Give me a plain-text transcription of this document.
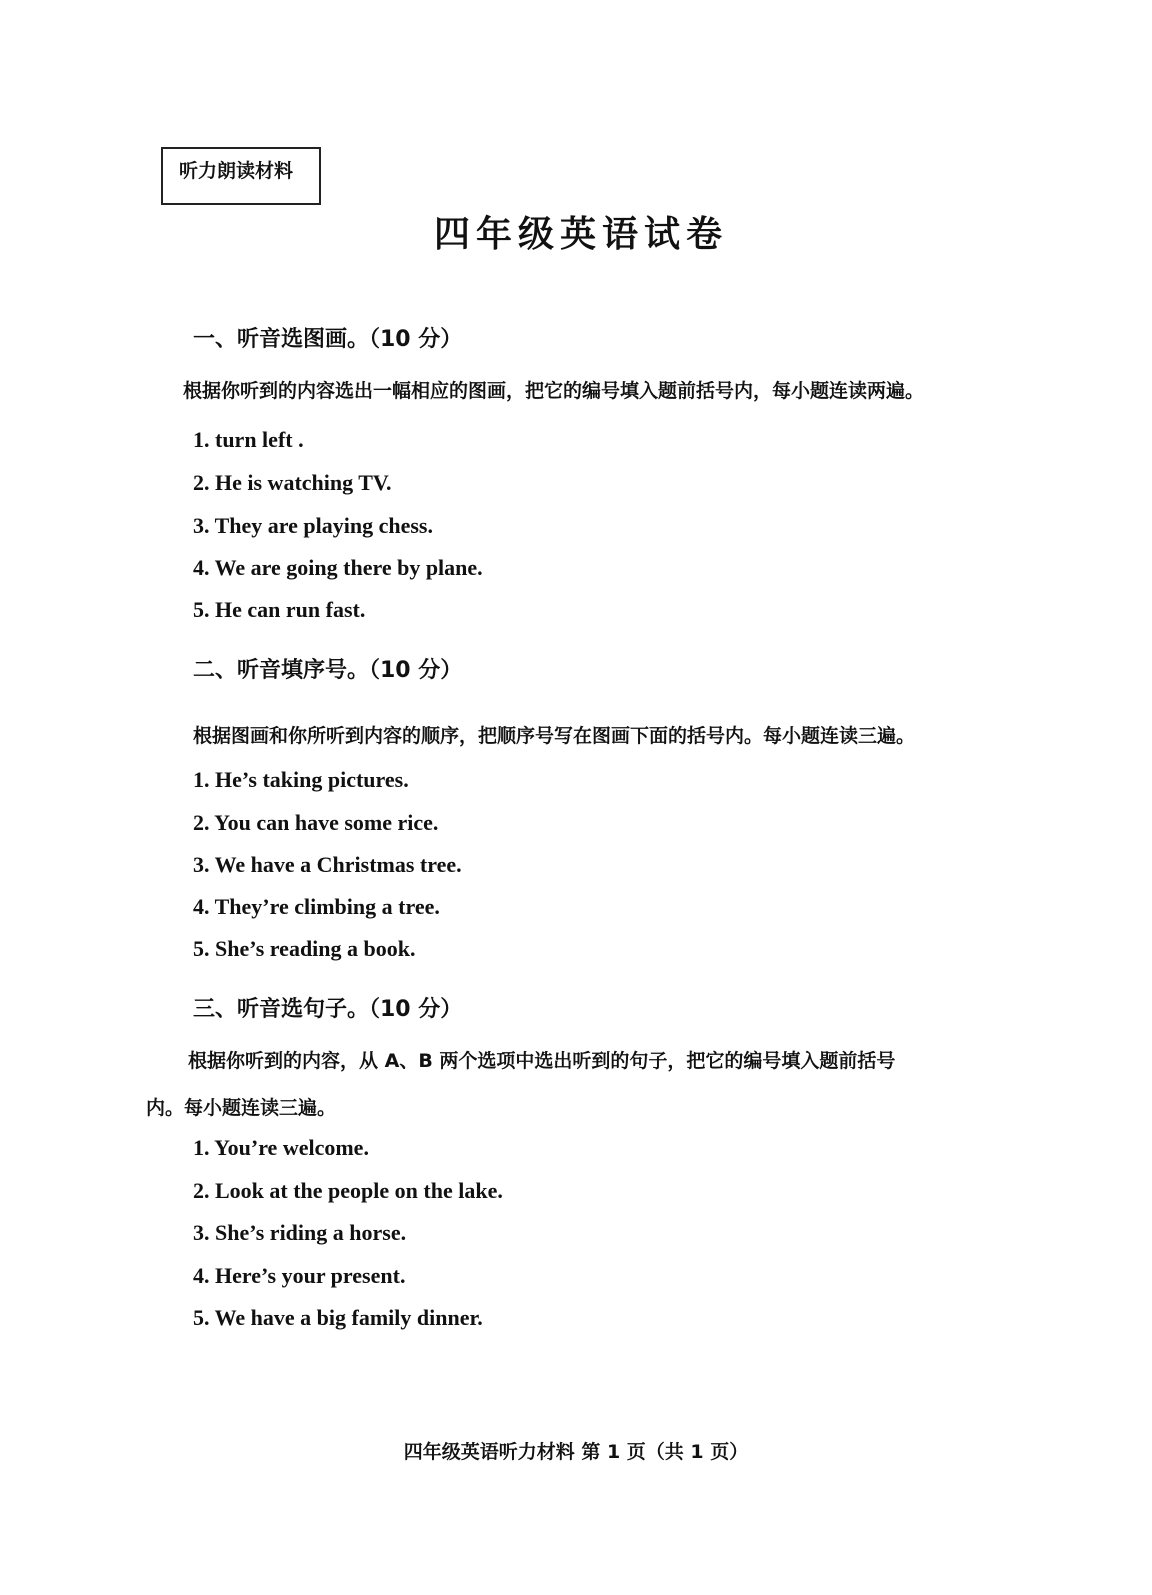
听力朗读材料
四年级英语试卷
一、听音选图画。（10 分）
根据你听到的内容选出一幅相应的图画，把它的编号填入题前括号内，每小题连读两遍。
1. turn left .
2. He is watching TV.
3. They are playing chess.
4. We are going there by plane.
5. He can run fast.
二、听音填序号。（10 分）
根据图画和你所听到内容的顺序，把顺序号写在图画下面的括号内。每小题连读三遍。
1. He’s taking pictures.
2. You can have some rice.
3. We have a Christmas tree.
4. They’re climbing a tree.
5. She’s reading a book.
三、听音选句子。（10 分）
根据你听到的内容，从 A、B 两个选项中选出听到的句子，把它的编号填入题前括号
内。每小题连读三遍。
1. You’re welcome.
2. Look at the people on the lake.
3. She’s riding a horse.
4. Here’s your present.
5. We have a big family dinner.
四年级英语听力材料 第 1 页（共 1 页）
